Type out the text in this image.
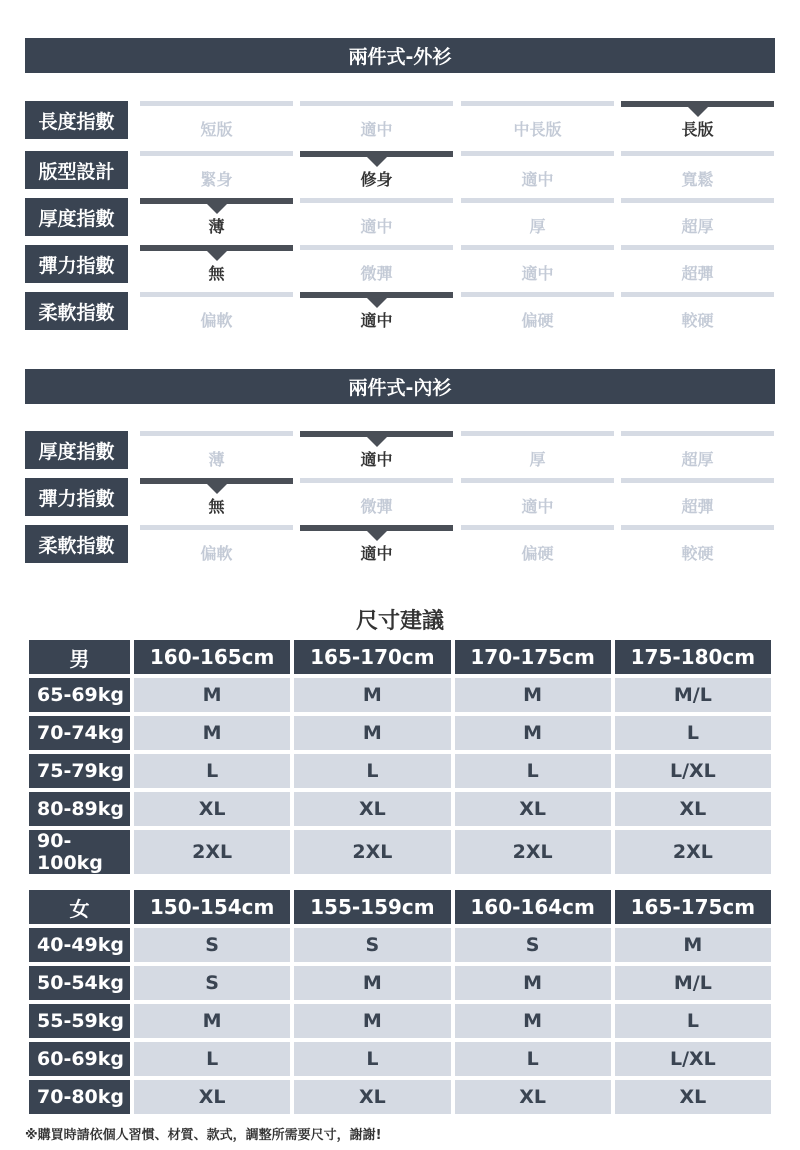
兩件式-外衫
長度指數	短版	適中	中長版	長版
版型設計	緊身	修身	適中	寬鬆
厚度指數	薄	適中	厚	超厚
彈力指數	無	微彈	適中	超彈
柔軟指數	偏軟	適中	偏硬	較硬
兩件式-內衫
厚度指數	薄	適中	厚	超厚
彈力指數	無	微彈	適中	超彈
柔軟指數	偏軟	適中	偏硬	較硬
尺寸建議
男	160-165cm	165-170cm	170-175cm	175-180cm
65-69kg	M	M	M	M/L
70-74kg	M	M	M	L
75-79kg	L	L	L	L/XL
80-89kg	XL	XL	XL	XL
90-100kg	2XL	2XL	2XL	2XL
女	150-154cm	155-159cm	160-164cm	165-175cm
40-49kg	S	S	S	M
50-54kg	S	M	M	M/L
55-59kg	M	M	M	L
60-69kg	L	L	L	L/XL
70-80kg	XL	XL	XL	XL
※購買時請依個人習慣、材質、款式，調整所需要尺寸，謝謝!
